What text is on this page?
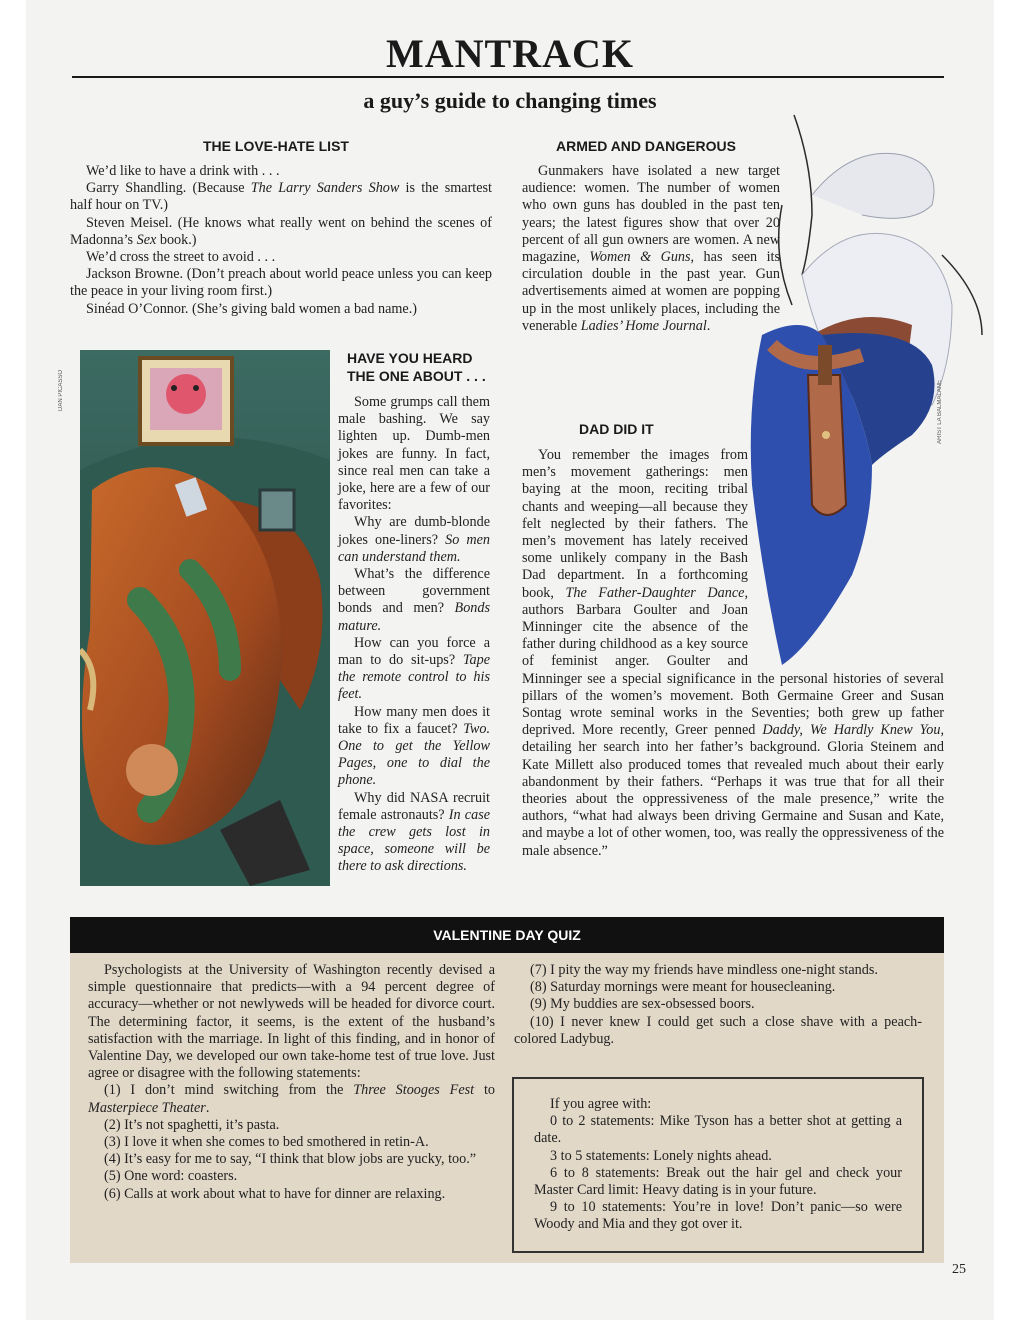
MANTRACK
a guy’s guide to changing times
THE LOVE-HATE LIST

We’d like to have a drink with . . .

Garry Shandling. (Because The Larry Sanders Show is the smartest half hour on TV.)

Steven Meisel. (He knows what really went on behind the scenes of Madonna’s Sex book.)

We’d cross the street to avoid . . .

Jackson Browne. (Don’t preach about world peace unless you can keep the peace in your living room first.)

Sinéad O’Connor. (She’s giving bald women a bad name.)

DAN PICASSO
HAVE YOU HEARD
THE ONE ABOUT . . .

Some grumps call them male bashing. We say lighten up. Dumb-men jokes are funny. In fact, since real men can take a joke, here are a few of our favorites:

Why are dumb-blonde jokes one-liners? So men can understand them.

What’s the difference between government bonds and men? Bonds mature.

How can you force a man to do sit-ups? Tape the remote control to his feet.

How many men does it take to fix a faucet? Two. One to get the Yellow Pages, one to dial the phone.

Why did NASA recruit female astronauts? In case the crew gets lost in space, someone will be there to ask directions.

ARIST LA BALMALANE
ARMED AND DANGEROUS

Gunmakers have isolated a new target audience: women. The number of women who own guns has doubled in the past ten years; the latest figures show that over 20 percent of all gun owners are women. A new magazine, Women & Guns, has seen its circulation double in the past year. Gun advertisements aimed at women are popping up in the most unlikely places, including the venerable Ladies’ Home Journal.

DAD DID IT

You remember the images from men’s movement gatherings: men baying at the moon, reciting tribal chants and weeping—all because they felt neglected by their fathers. The men’s movement has lately received some unlikely company in the Bash Dad department. In a forthcoming book, The Father-Daughter Dance, authors Barbara Goulter and Joan Minninger cite the absence of the father during childhood as a key source of feminist anger. Goulter and Minninger see a special significance in the personal histories of several pillars of the women’s movement. Both Germaine Greer and Susan Sontag wrote seminal works in the Seventies; both grew up father deprived. More recently, Greer penned Daddy, We Hardly Knew You, detailing her search into her father’s background. Gloria Steinem and Kate Millett also produced tomes that revealed much about their early abandonment by their fathers. “Perhaps it was true that for all their theories about the oppressiveness of the male presence,” write the authors, “what had always been driving Germaine and Susan and Kate, and maybe a lot of other women, too, was really the oppressiveness of the male absence.”

VALENTINE DAY QUIZ

Psychologists at the University of Washington recently devised a simple questionnaire that predicts—with a 94 percent degree of accuracy—whether or not newlyweds will be headed for divorce court. The determining factor, it seems, is the extent of the husband’s satisfaction with the marriage. In light of this finding, and in honor of Valentine Day, we developed our own take-home test of true love. Just agree or disagree with the following statements:

(1) I don’t mind switching from the Three Stooges Fest to Masterpiece Theater.

(2) It’s not spaghetti, it’s pasta.

(3) I love it when she comes to bed smothered in retin-A.

(4) It’s easy for me to say, “I think that blow jobs are yucky, too.”

(5) One word: coasters.

(6) Calls at work about what to have for dinner are relaxing.

(7) I pity the way my friends have mindless one-night stands.

(8) Saturday mornings were meant for housecleaning.

(9) My buddies are sex-obsessed boors.

(10) I never knew I could get such a close shave with a peach-colored Ladybug.

If you agree with:

0 to 2 statements: Mike Tyson has a better shot at getting a date.

3 to 5 statements: Lonely nights ahead.

6 to 8 statements: Break out the hair gel and check your Master Card limit: Heavy dating is in your future.

9 to 10 statements: You’re in love! Don’t panic—so were Woody and Mia and they got over it.

25
